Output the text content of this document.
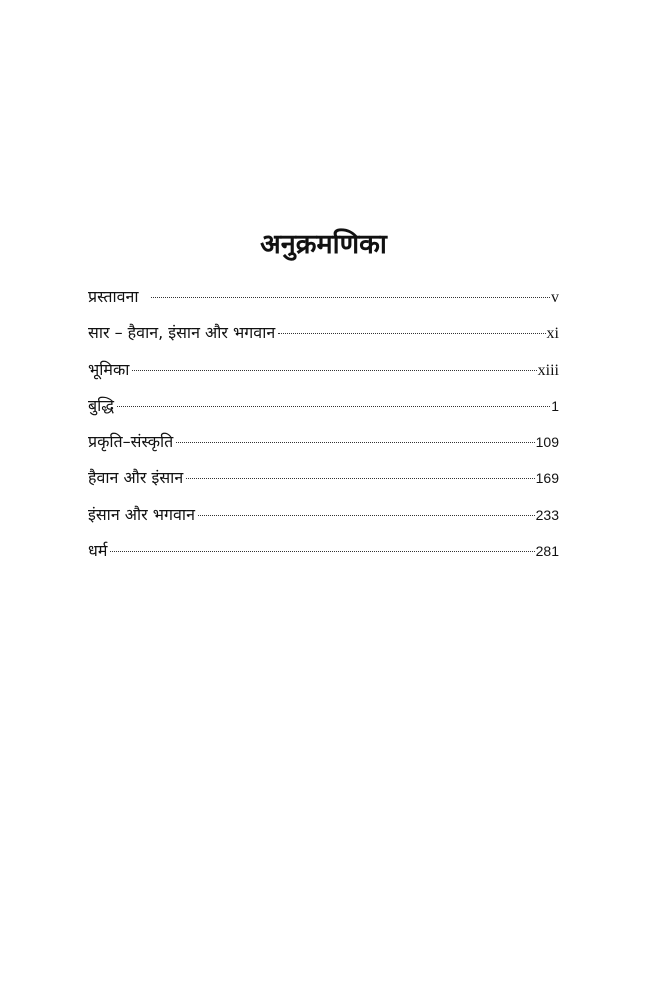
अनुक्रमणिका
प्रस्तावना	v
सार – हैवान, इंसान और भगवान	xi
भूमिका	xiii
बुद्धि	1
प्रकृति–संस्कृति	109
हैवान और इंसान	169
इंसान और भगवान	233
धर्म	281
